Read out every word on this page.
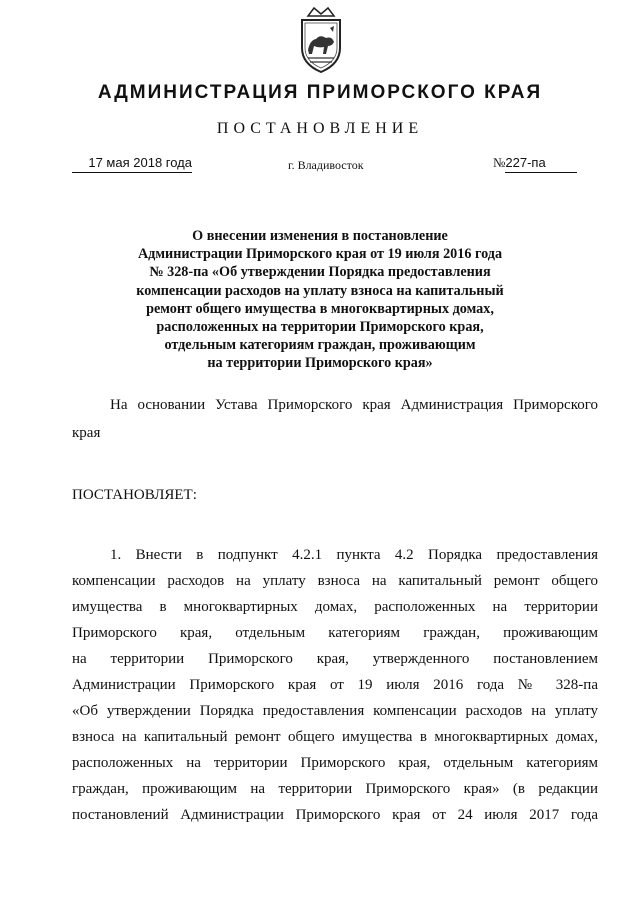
АДМИНИСТРАЦИЯ ПРИМОРСКОГО КРАЯ
ПОСТАНОВЛЕНИЕ
17 мая 2018 года	г. Владивосток	№227-па
О внесении изменения в постановление
Администрации Приморского края от 19 июля 2016 года
№ 328-па «Об утверждении Порядка предоставления
компенсации расходов на уплату взноса на капитальный
ремонт общего имущества в многоквартирных домах,
расположенных на территории Приморского края,
отдельным категориям граждан, проживающим
на территории Приморского края»
На основании Устава Приморского края Администрация Приморского
края
ПОСТАНОВЛЯЕТ:
1. Внести в подпункт 4.2.1 пункта 4.2 Порядка предоставления
компенсации расходов на уплату взноса на капитальный ремонт общего
имущества в многоквартирных домах, расположенных на территории
Приморского края, отдельным категориям граждан, проживающим
на территории Приморского края, утвержденного постановлением
Администрации Приморского края от 19 июля 2016 года № 328-па
«Об утверждении Порядка предоставления компенсации расходов на уплату
взноса на капитальный ремонт общего имущества в многоквартирных домах,
расположенных на территории Приморского края, отдельным категориям
граждан, проживающим на территории Приморского края» (в редакции
постановлений Администрации Приморского края от 24 июля 2017 года
